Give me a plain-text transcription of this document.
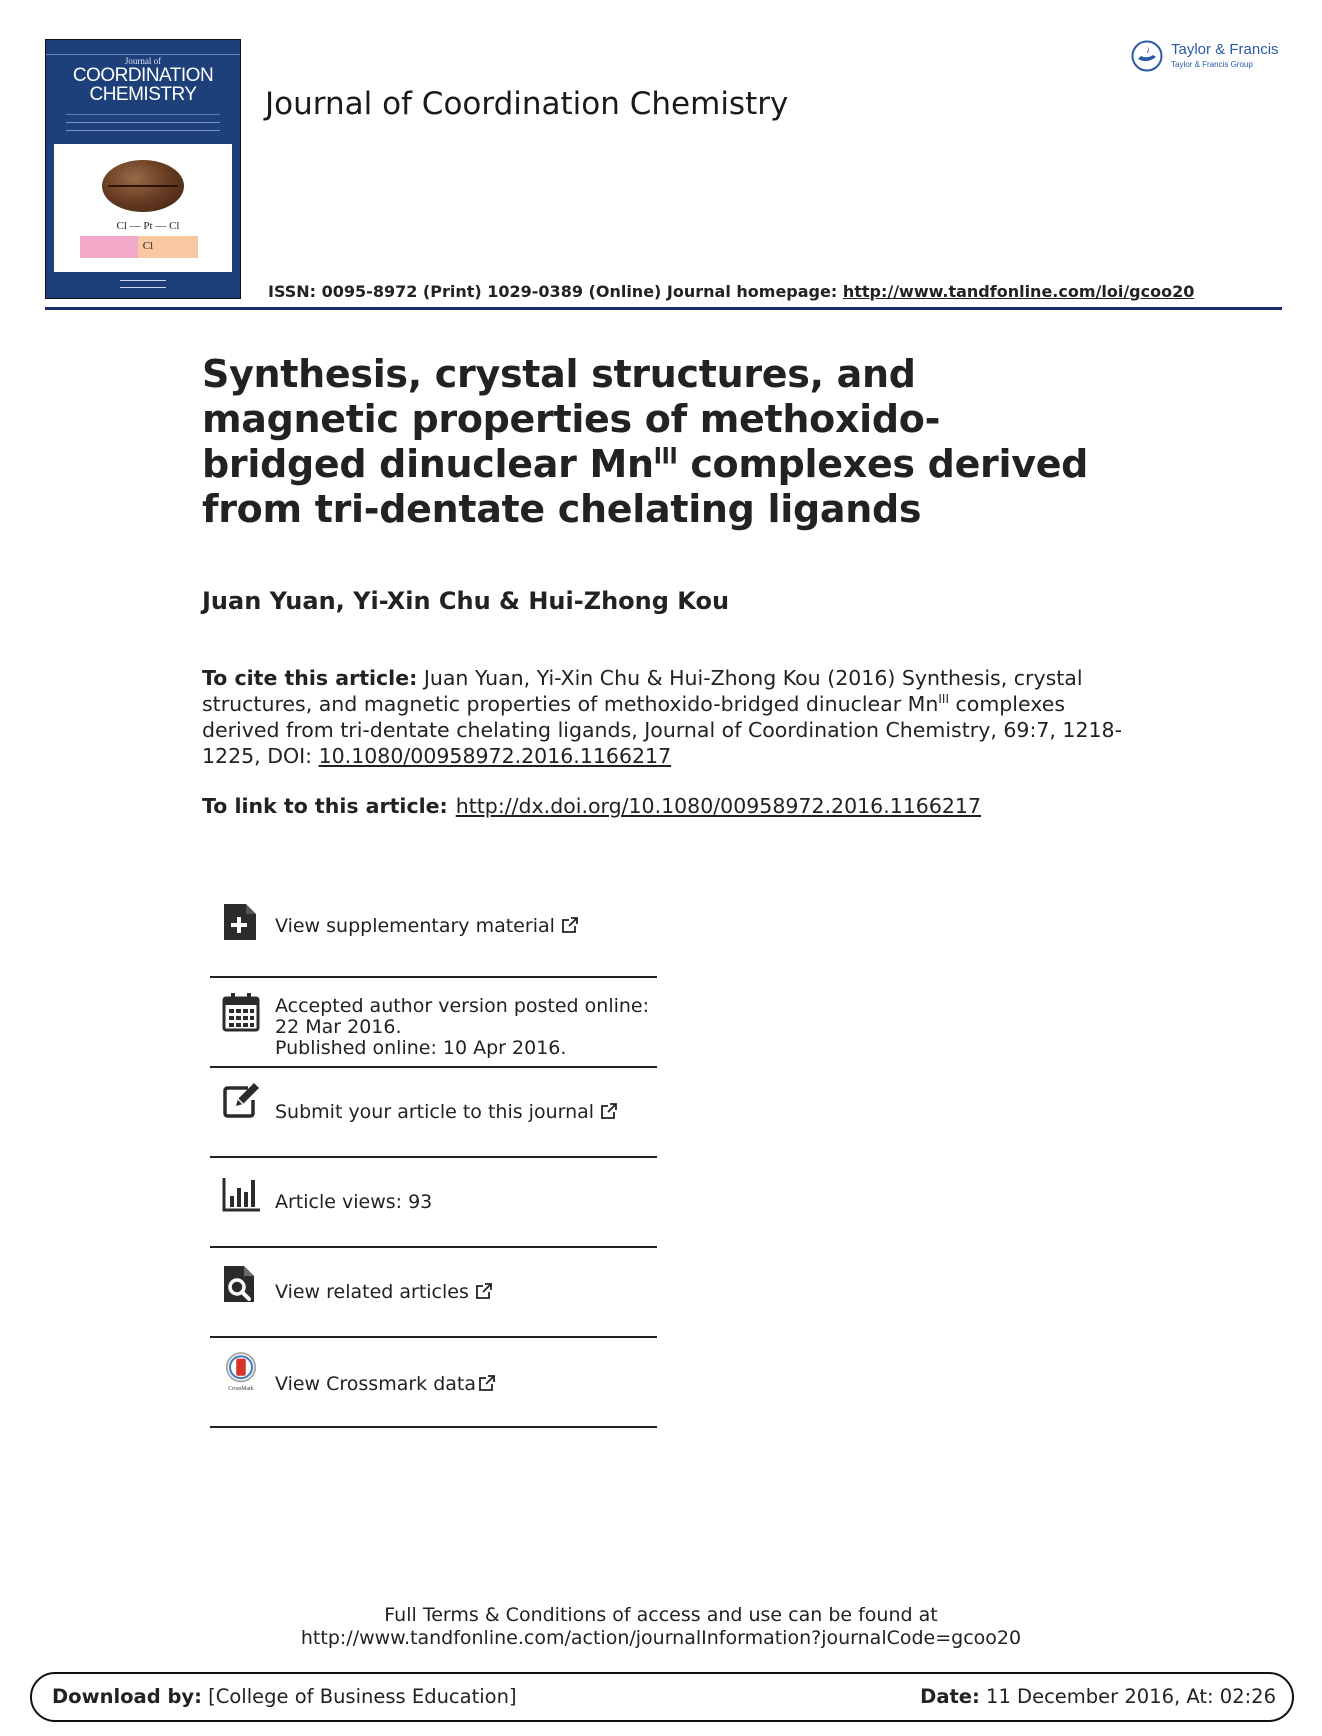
Journal of
COORDINATION
CHEMISTRY
Cl — Pt — Cl
Cl
Journal of Coordination Chemistry
ISSN: 0095-8972 (Print) 1029-0389 (Online) Journal homepage: http://www.tandfonline.com/loi/gcoo20
Taylor & Francis
Taylor & Francis Group
Synthesis, crystal structures, and magnetic properties of methoxido-bridged dinuclear $Mn^{III}$ complexes derived from tri-dentate chelating ligands
Juan Yuan, Yi-Xin Chu & Hui-Zhong Kou
To cite this article: Juan Yuan, Yi-Xin Chu & Hui-Zhong Kou (2016) Synthesis, crystal structures, and magnetic properties of methoxido-bridged dinuclear $Mn^{III}$ complexes derived from tri-dentate chelating ligands, Journal of Coordination Chemistry, 69:7, 1218-1225, DOI: 10.1080/00958972.2016.1166217
To link to this article: http://dx.doi.org/10.1080/00958972.2016.1166217
View supplementary material
Accepted author version posted online: 22 Mar 2016.
Published online: 10 Apr 2016.
Submit your article to this journal
Article views: 93
View related articles
CrossMark View Crossmark data
Full Terms & Conditions of access and use can be found at
http://www.tandfonline.com/action/journalInformation?journalCode=gcoo20
Download by: [College of Business Education]	Date: 11 December 2016, At: 02:26
